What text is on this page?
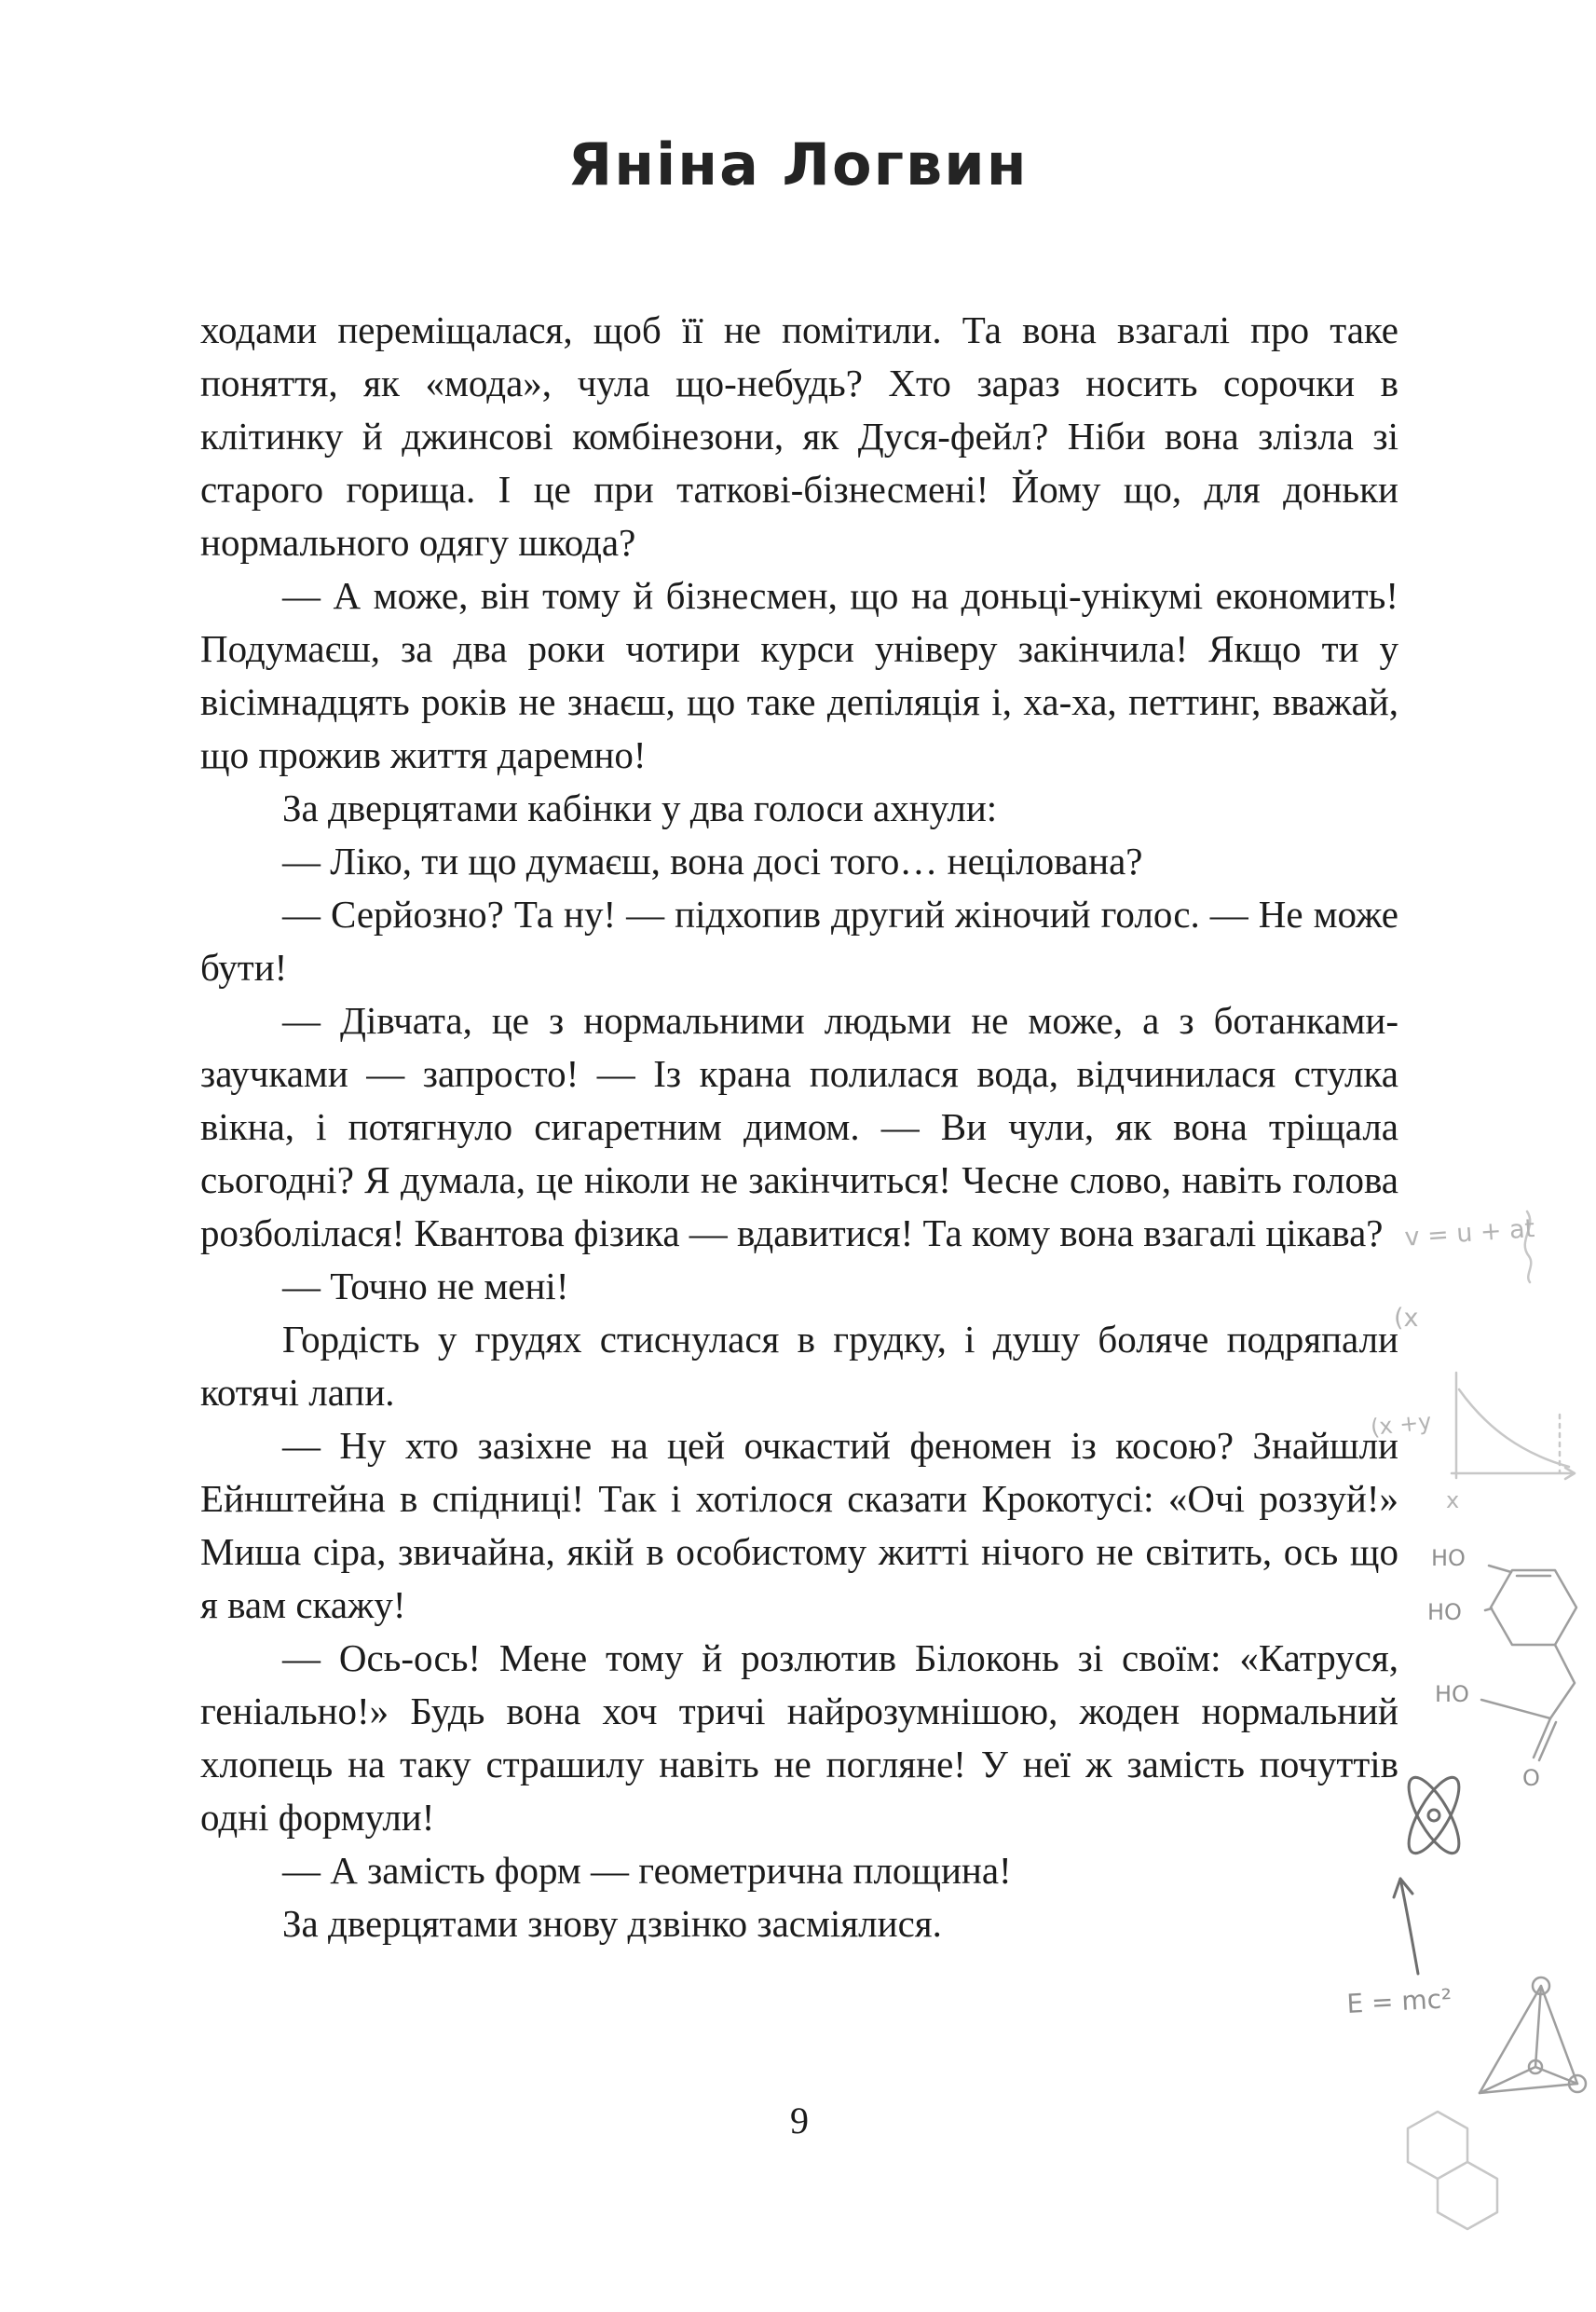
Яніна Логвин

ходами переміщалася, щоб її не помітили. Та вона взагалі про таке поняття, як «мода», чула що-небудь? Хто зараз носить сорочки в клітинку й джинсові комбінезони, як Дуся-фейл? Ніби вона злізла зі старого горища. І це при таткові-бізнесмені! Йому що, для доньки нормального одягу шкода?

— А може, він тому й бізнесмен, що на доньці-унікумі економить! Подумаєш, за два роки чотири курси універу закінчила! Якщо ти у вісімнадцять років не знаєш, що таке депіляція і, ха-ха, петтинг, вважай, що прожив життя даремно!

За дверцятами кабінки у два голоси ахнули:

— Ліко, ти що думаєш, вона досі того… нецілована?

— Серйозно? Та ну! — підхопив другий жіночий голос. — Не може бути!

— Дівчата, це з нормальними людьми не може, а з ботанками-заучками — запросто! — Із крана полилася вода, відчинилася стулка вікна, і потягнуло сигаретним димом. — Ви чули, як вона тріщала сьогодні? Я думала, це ніколи не закінчиться! Чесне слово, навіть голова розболілася! Квантова фізика — вдавитися! Та кому вона взагалі цікава?

— Точно не мені!

Гордість у грудях стиснулася в грудку, і душу боляче подряпали котячі лапи.

— Ну хто зазіхне на цей очкастий феномен із косою? Знайшли Ейнштейна в спідниці! Так і хотілося сказати Крокотусі: «Очі роззуй!» Миша сіра, звичайна, якій в особистому житті нічого не світить, ось що я вам скажу!

— Ось-ось! Мене тому й розлютив Білоконь зі своїм: «Катруся, геніально!» Будь вона хоч тричі найрозумнішою, жоден нормальний хлопець на таку страшилу навіть не погляне! У неї ж замість почуттів одні формули!

— А замість форм — геометрична площина!

За дверцятами знову дзвінко засміялися.

9
v = u + at
(х
(х +у
х
НО
НО
НО
О
Е = mc²
